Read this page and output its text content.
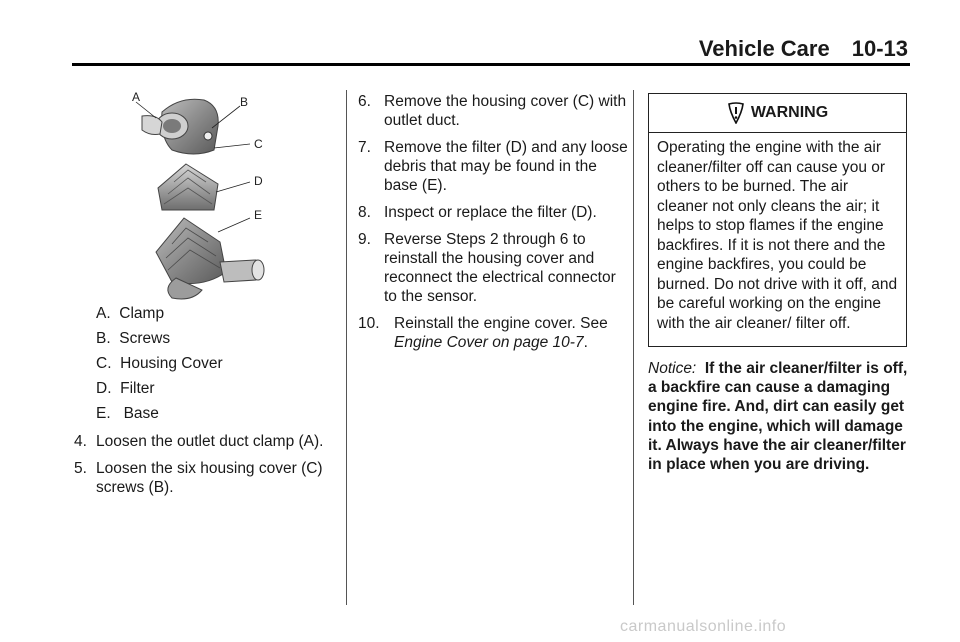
Vehicle Care 10-13
A	B
C
D
E
A. Clamp
B. Screws
C. Housing Cover
D. Filter
E. Base
4. Loosen the outlet duct clamp (A).
5. Loosen the six housing cover (C) screws (B).
6. Remove the housing cover (C) with outlet duct.
7. Remove the filter (D) and any loose debris that may be found in the base (E).
8. Inspect or replace the filter (D).
9. Reverse Steps 2 through 6 to reinstall the housing cover and reconnect the electrical connector to the sensor.
10. Reinstall the engine cover. See Engine Cover on page 10-7.
WARNING
Operating the engine with the air cleaner/filter off can cause you or others to be burned. The air cleaner not only cleans the air; it helps to stop flames if the engine backfires. If it is not there and the engine backfires, you could be burned. Do not drive with it off, and be careful working on the engine with the air cleaner/ filter off.
Notice: If the air cleaner/filter is off, a backfire can cause a damaging engine fire. And, dirt can easily get into the engine, which will damage it. Always have the air cleaner/filter in place when you are driving.
carmanualsonline.info
